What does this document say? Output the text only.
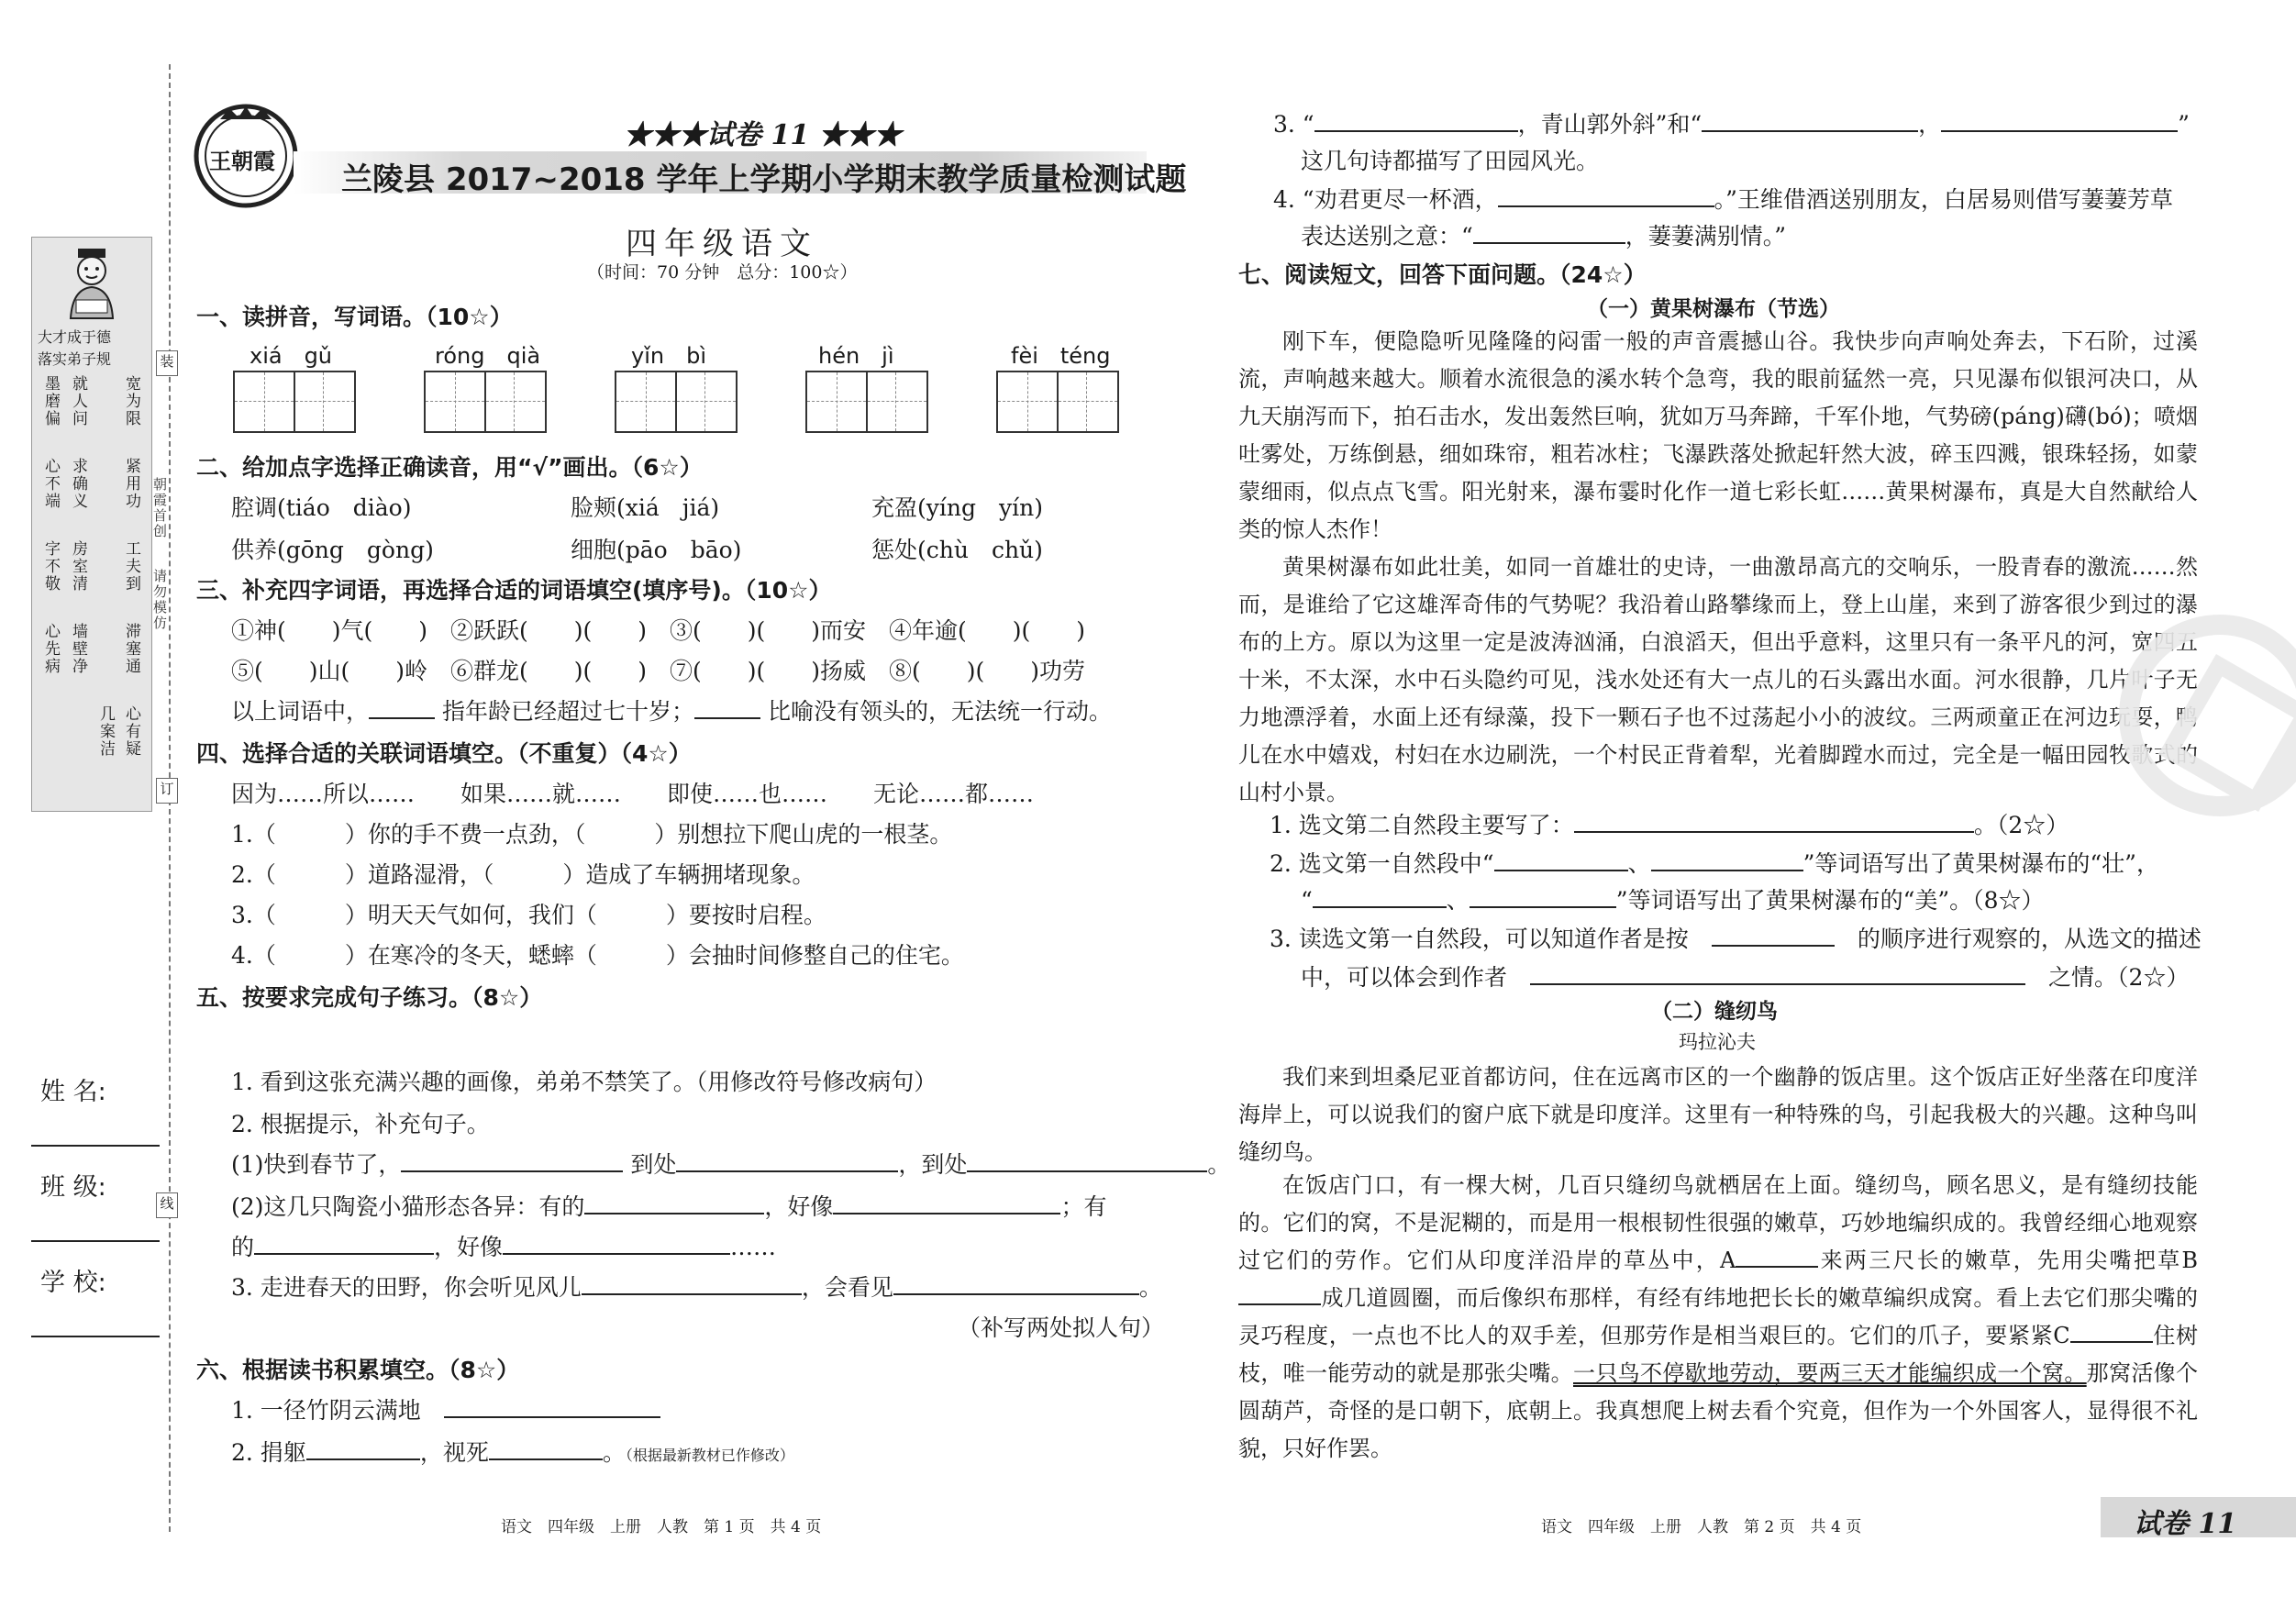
大才成于德
落实弟子规
墨磨偏 就人问 宽为限
心不端 求确义 紧用功
字不敬 房室清 工夫到
心先病 墙壁净 滞塞通
几案洁 心有疑
朝霞首创
请勿模仿
装
订
线
姓 名:
班 级:
学 校:
王朝霞
★★★试卷 11 ★★★
兰陵县 2017~2018 学年上学期小学期末教学质量检测试题
四年级语文
（时间：70 分钟　总分：100☆）
一、读拼音，写词语。（10☆）
xiá　gǔ	róng　qià	yǐn　bì	hén　jì	fèi　téng
二、给加点字选择正确读音，用“√”画出。（6☆）
腔调(tiáo　diào)	脸颊(xiá　jiá)	充盈(yíng　yín)
供养(gōng　gòng)	细胞(pāo　bāo)	惩处(chù　chǔ)
三、补充四字词语，再选择合适的词语填空(填序号)。（10☆）
①神(　　)气(　　)　②跃跃(　　)(　　)　③(　　)(　　)而安　④年逾(　　)(　　)
⑤(　　)山(　　)岭　⑥群龙(　　)(　　)　⑦(　　)(　　)扬威　⑧(　　)(　　)功劳
以上词语中，	指年龄已经超过七十岁；	比喻没有领头的，无法统一行动。
四、选择合适的关联词语填空。（不重复）（4☆）
因为……所以……　　如果……就……　　即使……也……　　无论……都……
1.（　　　）你的手不费一点劲，（　　　）别想拉下爬山虎的一根茎。
2.（　　　）道路湿滑，（　　　）造成了车辆拥堵现象。
3.（　　　）明天天气如何，我们（　　　）要按时启程。
4.（　　　）在寒冷的冬天，蟋蟀（　　　）会抽时间修整自己的住宅。
五、按要求完成句子练习。（8☆）
1. 看到这张充满兴趣的画像，弟弟不禁笑了。（用修改符号修改病句）
2. 根据提示，补充句子。
(1)快到春节了，	到处	，到处	。
(2)这几只陶瓷小猫形态各异：有的	，好像	；有
的	，好像	……
3. 走进春天的田野，你会听见风儿	，会看见	。
（补写两处拟人句）
六、根据读书积累填空。（8☆）
1. 一径竹阴云满地　
2. 捐躯	，视死	。（根据最新教材已作修改）
语文　四年级　上册　人教　第 1 页　共 4 页
3. “	，青山郭外斜”和“	，	”
这几句诗都描写了田园风光。
4. “劝君更尽一杯酒，	。”王维借酒送别朋友，白居易则借写萋萋芳草
表达送别之意：“	，萋萋满别情。”
七、阅读短文，回答下面问题。（24☆）
（一）黄果树瀑布（节选）
刚下车，便隐隐听见隆隆的闷雷一般的声音震撼山谷。我快步向声响处奔去，下石阶，过溪流，声响越来越大。顺着水流很急的溪水转个急弯，我的眼前猛然一亮，只见瀑布似银河决口，从九天崩泻而下，拍石击水，发出轰然巨响，犹如万马奔蹄，千军仆地，气势磅(páng)礴(bó)；喷烟吐雾处，万练倒悬，细如珠帘，粗若冰柱；飞瀑跌落处掀起轩然大波，碎玉四溅，银珠轻扬，如蒙蒙细雨，似点点飞雪。阳光射来，瀑布霎时化作一道七彩长虹……黄果树瀑布，真是大自然献给人类的惊人杰作！
黄果树瀑布如此壮美，如同一首雄壮的史诗，一曲激昂高亢的交响乐，一股青春的激流……然而，是谁给了它这雄浑奇伟的气势呢？我沿着山路攀缘而上，登上山崖，来到了游客很少到过的瀑布的上方。原以为这里一定是波涛汹涌，白浪滔天，但出乎意料，这里只有一条平凡的河，宽四五十米，不太深，水中石头隐约可见，浅水处还有大一点儿的石头露出水面。河水很静，几片叶子无力地漂浮着，水面上还有绿藻，投下一颗石子也不过荡起小小的波纹。三两顽童正在河边玩耍，鸭儿在水中嬉戏，村妇在水边刷洗，一个村民正背着犁，光着脚蹚水而过，完全是一幅田园牧歌式的山村小景。
1. 选文第二自然段主要写了：	。（2☆）
2. 选文第一自然段中“	、	”等词语写出了黄果树瀑布的“壮”，
“	、	”等词语写出了黄果树瀑布的“美”。（8☆）
3. 读选文第一自然段，可以知道作者是按　　	的顺序进行观察的，从选文的描述
中，可以体会到作者　　	之情。（2☆）
（二）缝纫鸟
玛拉沁夫
我们来到坦桑尼亚首都访问，住在远离市区的一个幽静的饭店里。这个饭店正好坐落在印度洋海岸上，可以说我们的窗户底下就是印度洋。这里有一种特殊的鸟，引起我极大的兴趣。这种鸟叫缝纫鸟。
在饭店门口，有一棵大树，几百只缝纫鸟就栖居在上面。缝纫鸟，顾名思义，是有缝纫技能的。它们的窝，不是泥糊的，而是用一根根韧性很强的嫩草，巧妙地编织成的。我曾经细心地观察过它们的劳作。它们从印度洋沿岸的草丛中，A	来两三尺长的嫩草，先用尖嘴把草B成几道圆圈，而后像织布那样，有经有纬地把长长的嫩草编织成窝。看上去它们那尖嘴的灵巧程度，一点也不比人的双手差，但那劳作是相当艰巨的。它们的爪子，要紧紧C	住树枝，唯一能劳动的就是那张尖嘴。一只鸟不停歇地劳动，要两三天才能编织成一个窝。那窝活像个圆葫芦，奇怪的是口朝下，底朝上。我真想爬上树去看个究竟，但作为一个外国客人，显得很不礼貌，只好作罢。
语文　四年级　上册　人教　第 2 页　共 4 页	试卷 11
